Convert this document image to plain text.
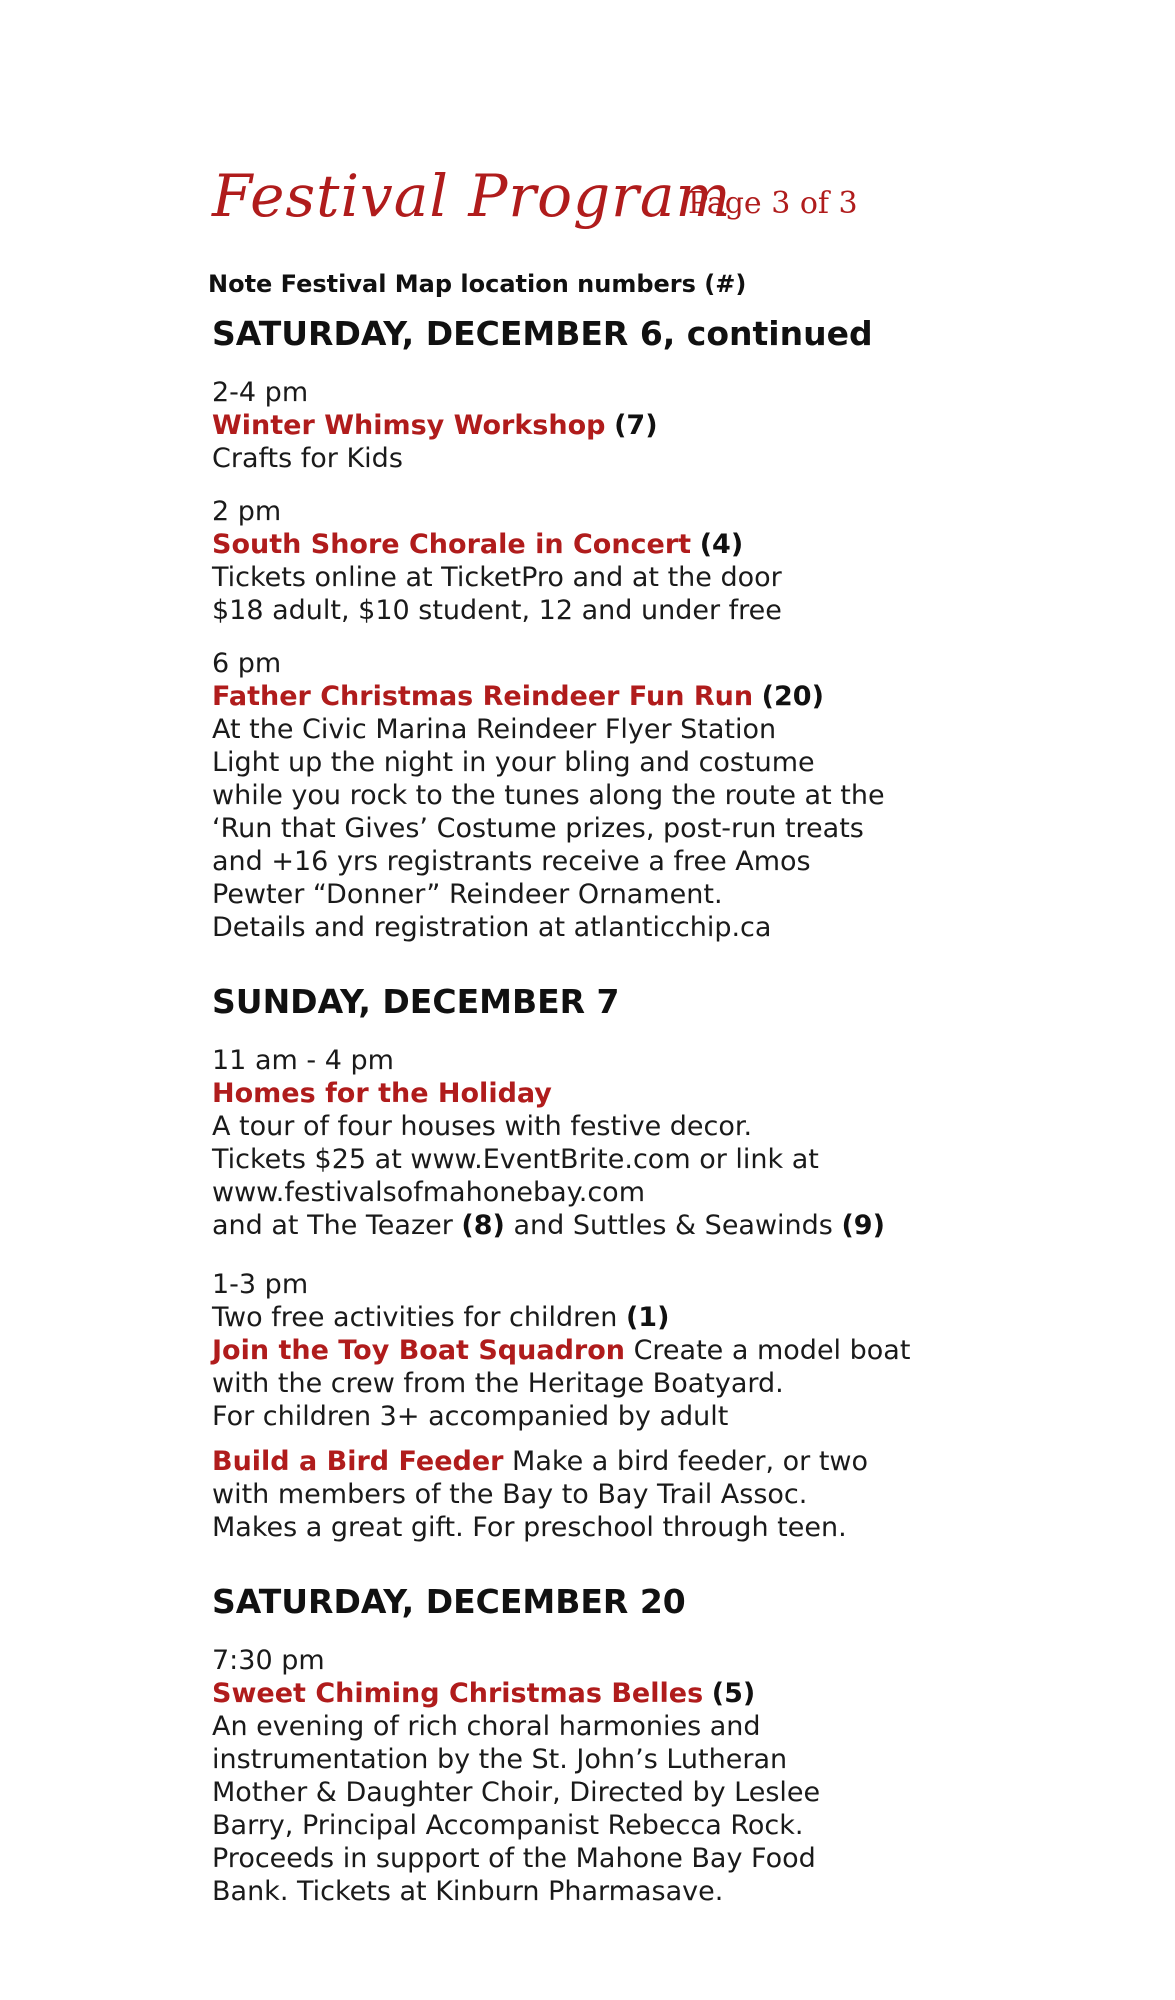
Festival Program
Page 3 of 3
Note Festival Map location numbers (#)
SATURDAY, DECEMBER 6, continued
2-4 pm
Winter Whimsy Workshop (7)
Crafts for Kids
2 pm
South Shore Chorale in Concert (4)
Tickets online at TicketPro and at the door
$18 adult, $10 student, 12 and under free
6 pm
Father Christmas Reindeer Fun Run (20)
At the Civic Marina Reindeer Flyer Station
Light up the night in your bling and costume
while you rock to the tunes along the route at the
‘Run that Gives’ Costume prizes, post-run treats
and +16 yrs registrants receive a free Amos
Pewter “Donner” Reindeer Ornament.
Details and registration at atlanticchip.ca
SUNDAY, DECEMBER 7
11 am - 4 pm
Homes for the Holiday
A tour of four houses with festive decor.
Tickets $25 at www.EventBrite.com or link at
www.festivalsofmahonebay.com
and at The Teazer (8) and Suttles & Seawinds (9)
1-3 pm
Two free activities for children (1)
Join the Toy Boat Squadron Create a model boat
with the crew from the Heritage Boatyard.
For children 3+ accompanied by adult
Build a Bird Feeder Make a bird feeder, or two
with members of the Bay to Bay Trail Assoc.
Makes a great gift. For preschool through teen.
SATURDAY, DECEMBER 20
7:30 pm
Sweet Chiming Christmas Belles (5)
An evening of rich choral harmonies and
instrumentation by the St. John’s Lutheran
Mother & Daughter Choir, Directed by Leslee
Barry, Principal Accompanist Rebecca Rock.
Proceeds in support of the Mahone Bay Food
Bank. Tickets at Kinburn Pharmasave.
